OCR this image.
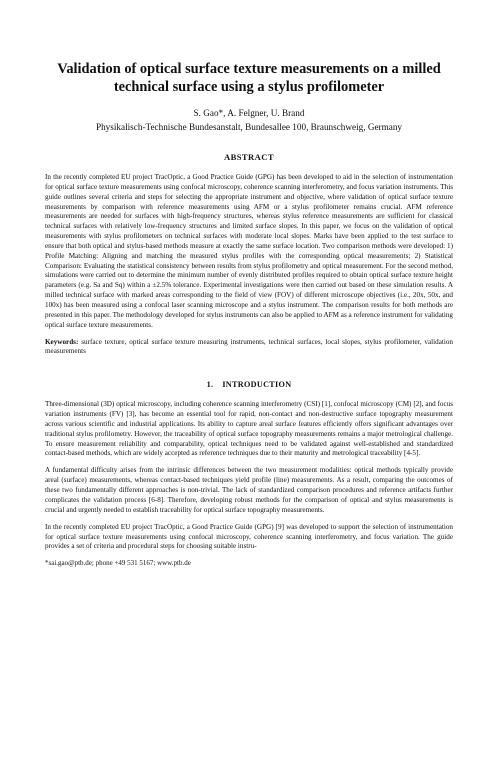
Validation of optical surface texture measurements on a milled
technical surface using a stylus profilometer
S. Gao*, A. Felgner, U. Brand
Physikalisch-Technische Bundesanstalt, Bundesallee 100, Braunschweig, Germany
ABSTRACT
In the recently completed EU project TracOptic, a Good Practice Guide (GPG) has been developed to aid in the selection of instrumentation for optical surface texture measurements using confocal microscopy, coherence scanning interferometry, and focus variation instruments. This guide outlines several criteria and steps for selecting the appropriate instrument and objective, where validation of optical surface texture measurements by comparison with reference measurements using AFM or a stylus profilometer remains crucial. AFM reference measurements are needed for surfaces with high-frequency structures, whereas stylus reference measurements are sufficient for classical technical surfaces with relatively low-frequency structures and limited surface slopes. In this paper, we focus on the validation of optical measurements with stylus profilometers on technical surfaces with moderate local slopes. Marks have been applied to the test surface to ensure that both optical and stylus-based methods measure at exactly the same surface location. Two comparison methods were developed: 1) Profile Matching: Aligning and matching the measured stylus profiles with the corresponding optical measurements; 2) Statistical Comparison: Evaluating the statistical consistency between results from stylus profilometry and optical measurement. For the second method, simulations were carried out to determine the minimum number of evenly distributed profiles required to obtain optical surface texture height parameters (e.g. Sa and Sq) within a ±2.5% tolerance. Experimental investigations were then carried out based on these simulation results. A milled technical surface with marked areas corresponding to the field of view (FOV) of different microscope objectives (i.e., 20x, 50x, and 100x) has been measured using a confocal laser scanning microscope and a stylus instrument. The comparison results for both methods are presented in this paper. The methodology developed for stylus instruments can also be applied to AFM as a reference instrument for validating optical surface texture measurements.
Keywords: surface texture, optical surface texture measuring instruments, technical surfaces, local slopes, stylus profilometer, validation measurements
1. INTRODUCTION

Three-dimensional (3D) optical microscopy, including coherence scanning interferometry (CSI) [1], confocal microscopy (CM) [2], and focus variation instruments (FV) [3], has become an essential tool for rapid, non-contact and non-destructive surface topography measurement across various scientific and industrial applications. Its ability to capture areal surface features efficiently offers significant advantages over traditional stylus profilometry. However, the traceability of optical surface topography measurements remains a major metrological challenge. To ensure measurement reliability and comparability, optical techniques need to be validated against well-established and standardized contact-based methods, which are widely accepted as reference techniques due to their maturity and metrological traceability [4-5].

A fundamental difficulty arises from the intrinsic differences between the two measurement modalities: optical methods typically provide areal (surface) measurements, whereas contact-based techniques yield profile (line) measurements. As a result, comparing the outcomes of these two fundamentally different approaches is non-trivial. The lack of standardized comparison procedures and reference artifacts further complicates the validation process [6-8]. Therefore, developing robust methods for the comparison of optical and stylus measurements is crucial and urgently needed to establish traceability for optical surface topography measurements.

In the recently completed EU project TracOptic, a Good Practice Guide (GPG) [9] was developed to support the selection of instrumentation for optical surface texture measurements using confocal microscopy, coherence scanning interferometry, and focus variation. The guide provides a set of criteria and procedural steps for choosing suitable instru-

*sai.gao@ptb.de; phone +49 531 5167; www.ptb.de
